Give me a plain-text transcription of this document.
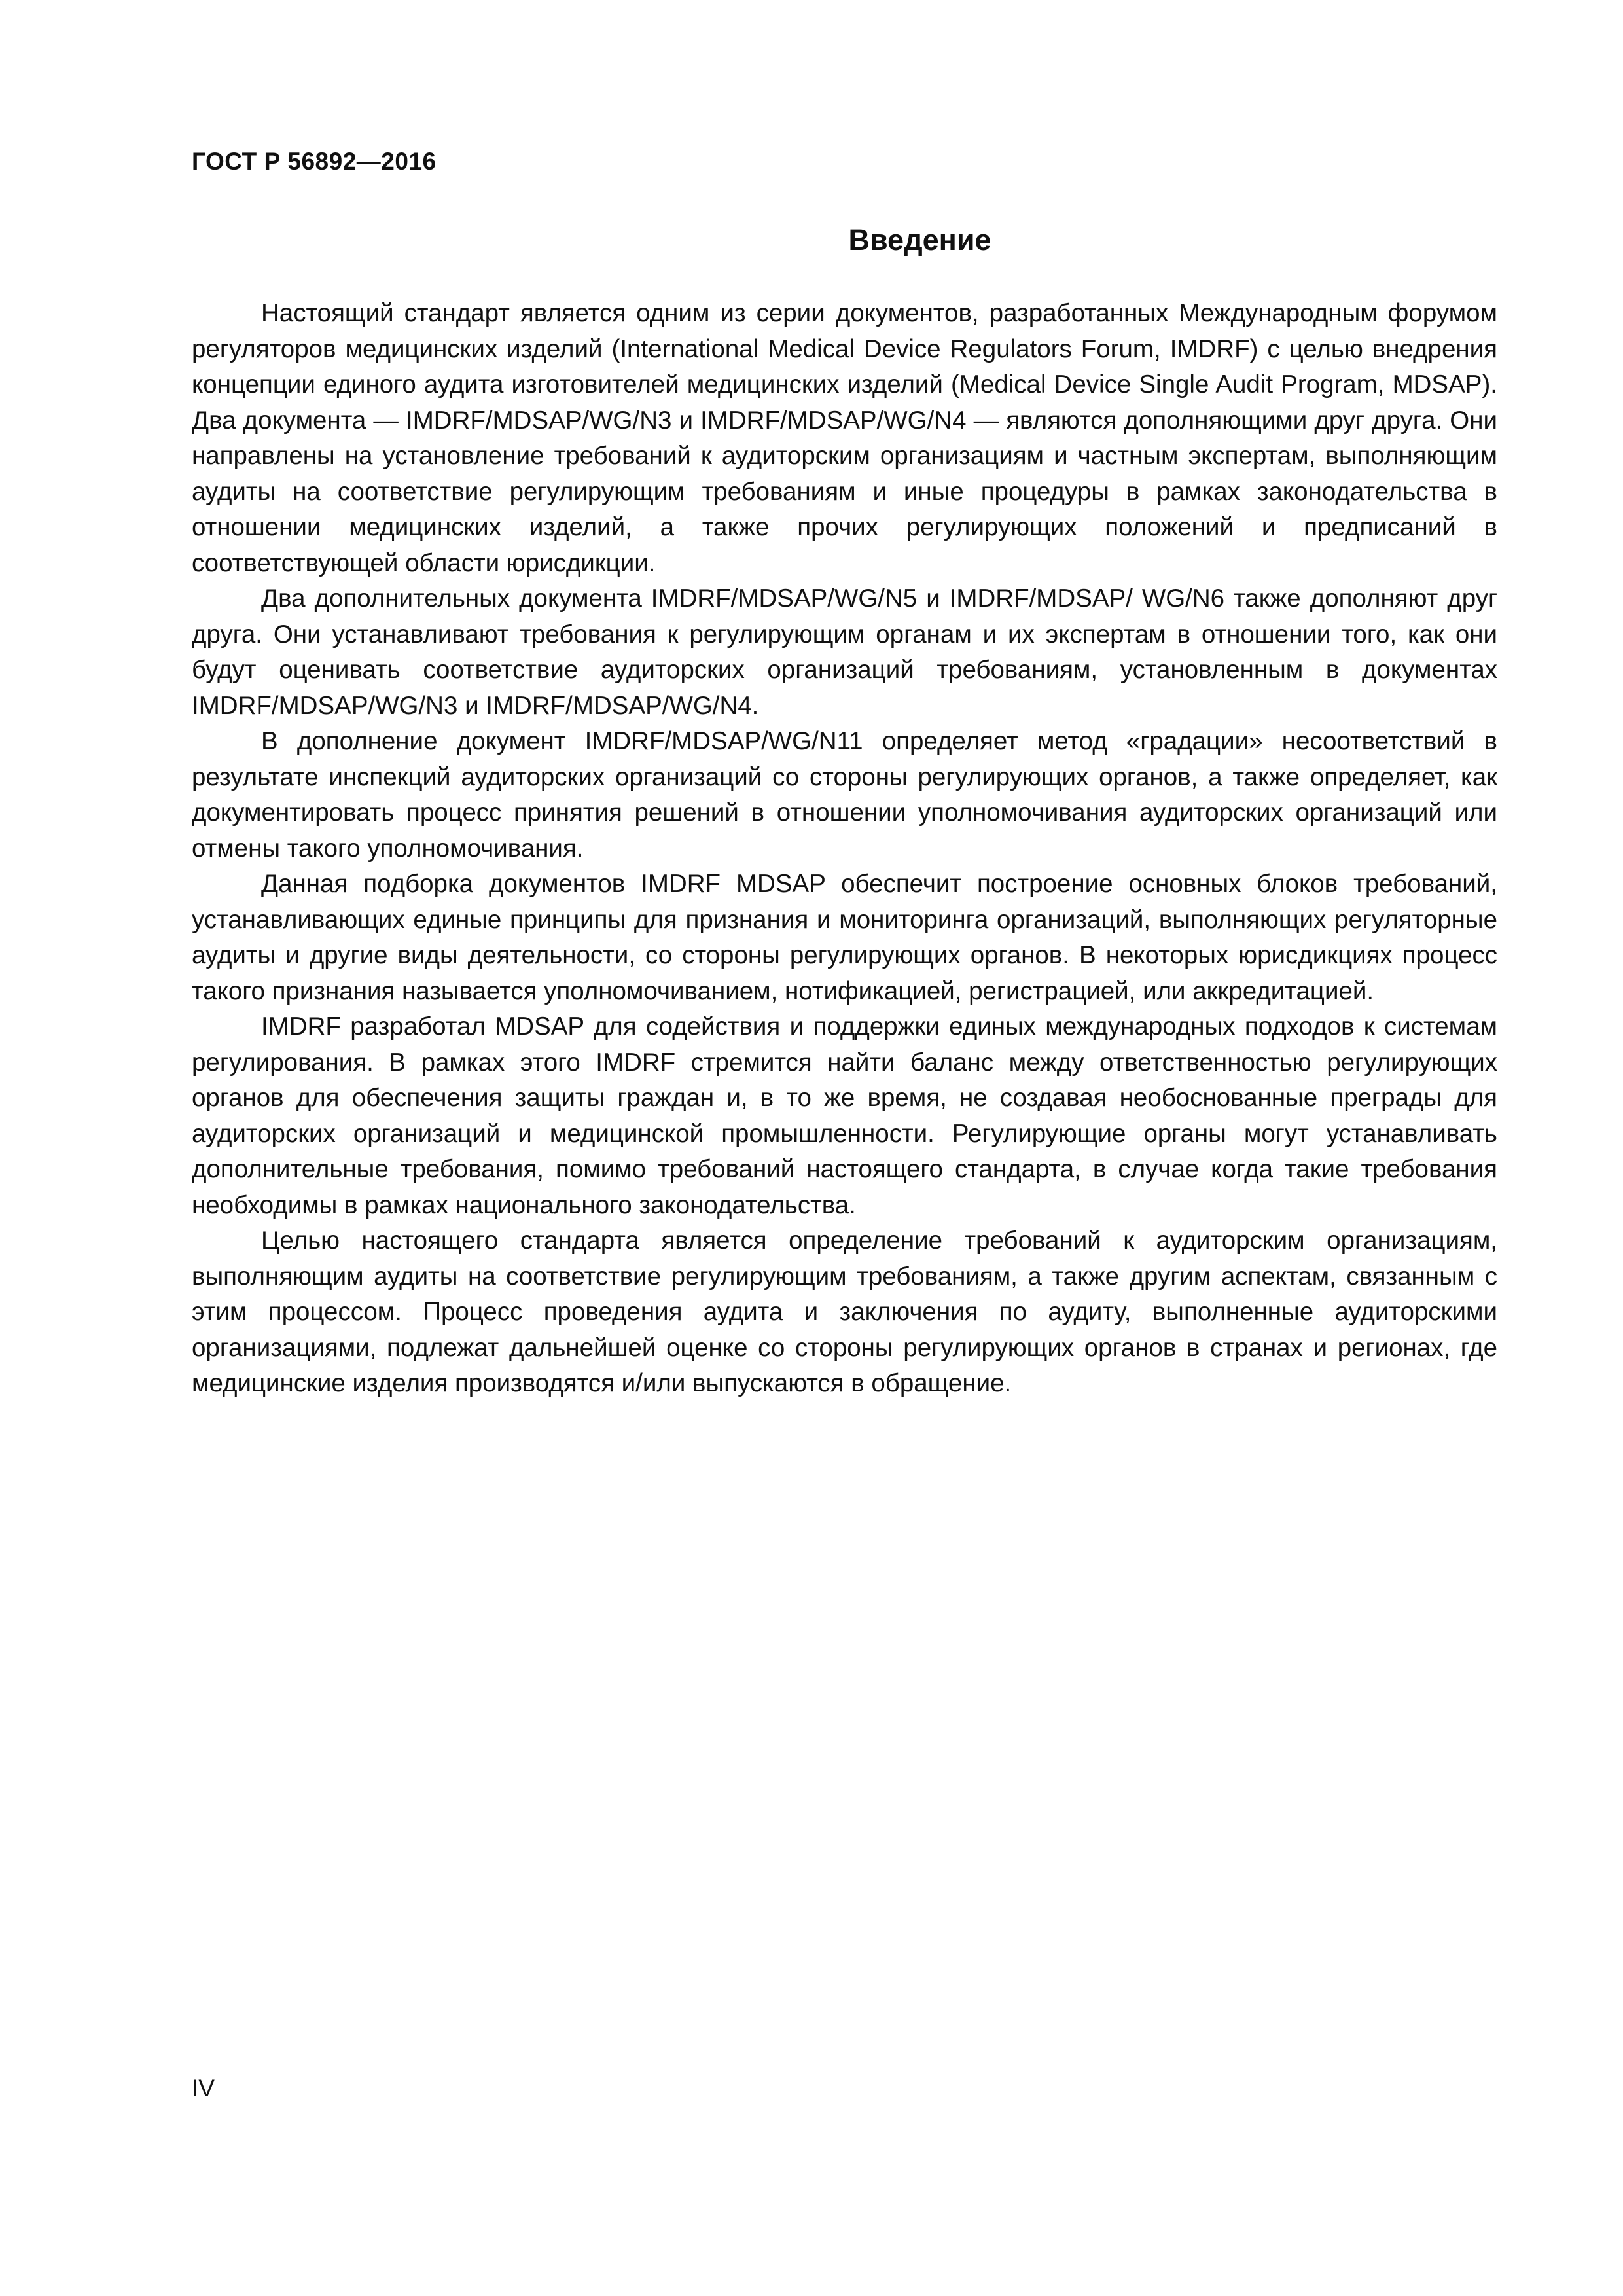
ГОСТ Р 56892—2016
Введение

Настоящий стандарт является одним из серии документов, разработанных Международным форумом регуляторов медицинских изделий (International Medical Device Regulators Forum, IMDRF) с целью внедрения концепции единого аудита изготовителей медицинских изделий (Medical Device Single Audit Program, MDSAP). Два документа — IMDRF/MDSAP/WG/N3 и IMDRF/MDSAP/WG/N4 — являются дополняющими друг друга. Они направлены на установление требований к аудиторским организациям и частным экспертам, выполняющим аудиты на соответствие регулирующим требованиям и иные процедуры в рамках законодательства в отношении медицинских изделий, а также прочих регулирующих положений и предписаний в соответствующей области юрисдикции.

Два дополнительных документа IMDRF/MDSAP/WG/N5 и IMDRF/MDSAP/ WG/N6 также дополняют друг друга. Они устанавливают требования к регулирующим органам и их экспертам в отношении того, как они будут оценивать соответствие аудиторских организаций требованиям, установленным в документах IMDRF/MDSAP/WG/N3 и IMDRF/MDSAP/WG/N4.

В дополнение документ IMDRF/MDSAP/WG/N11 определяет метод «градации» несоответствий в результате инспекций аудиторских организаций со стороны регулирующих органов, а также определяет, как документировать процесс принятия решений в отношении уполномочивания аудиторских организаций или отмены такого уполномочивания.

Данная подборка документов IMDRF MDSAP обеспечит построение основных блоков требований, устанавливающих единые принципы для признания и мониторинга организаций, выполняющих регуляторные аудиты и другие виды деятельности, со стороны регулирующих органов. В некоторых юрисдикциях процесс такого признания называется уполномочиванием, нотификацией, регистрацией, или аккредитацией.

IMDRF разработал MDSAP для содействия и поддержки единых международных подходов к системам регулирования. В рамках этого IMDRF стремится найти баланс между ответственностью регулирующих органов для обеспечения защиты граждан и, в то же время, не создавая необоснованные преграды для аудиторских организаций и медицинской промышленности. Регулирующие органы могут устанавливать дополнительные требования, помимо требований настоящего стандарта, в случае когда такие требования необходимы в рамках национального законодательства.

Целью настоящего стандарта является определение требований к аудиторским организациям, выполняющим аудиты на соответствие регулирующим требованиям, а также другим аспектам, связанным с этим процессом. Процесс проведения аудита и заключения по аудиту, выполненные аудиторскими организациями, подлежат дальнейшей оценке со стороны регулирующих органов в странах и регионах, где медицинские изделия производятся и/или выпускаются в обращение.

IV
